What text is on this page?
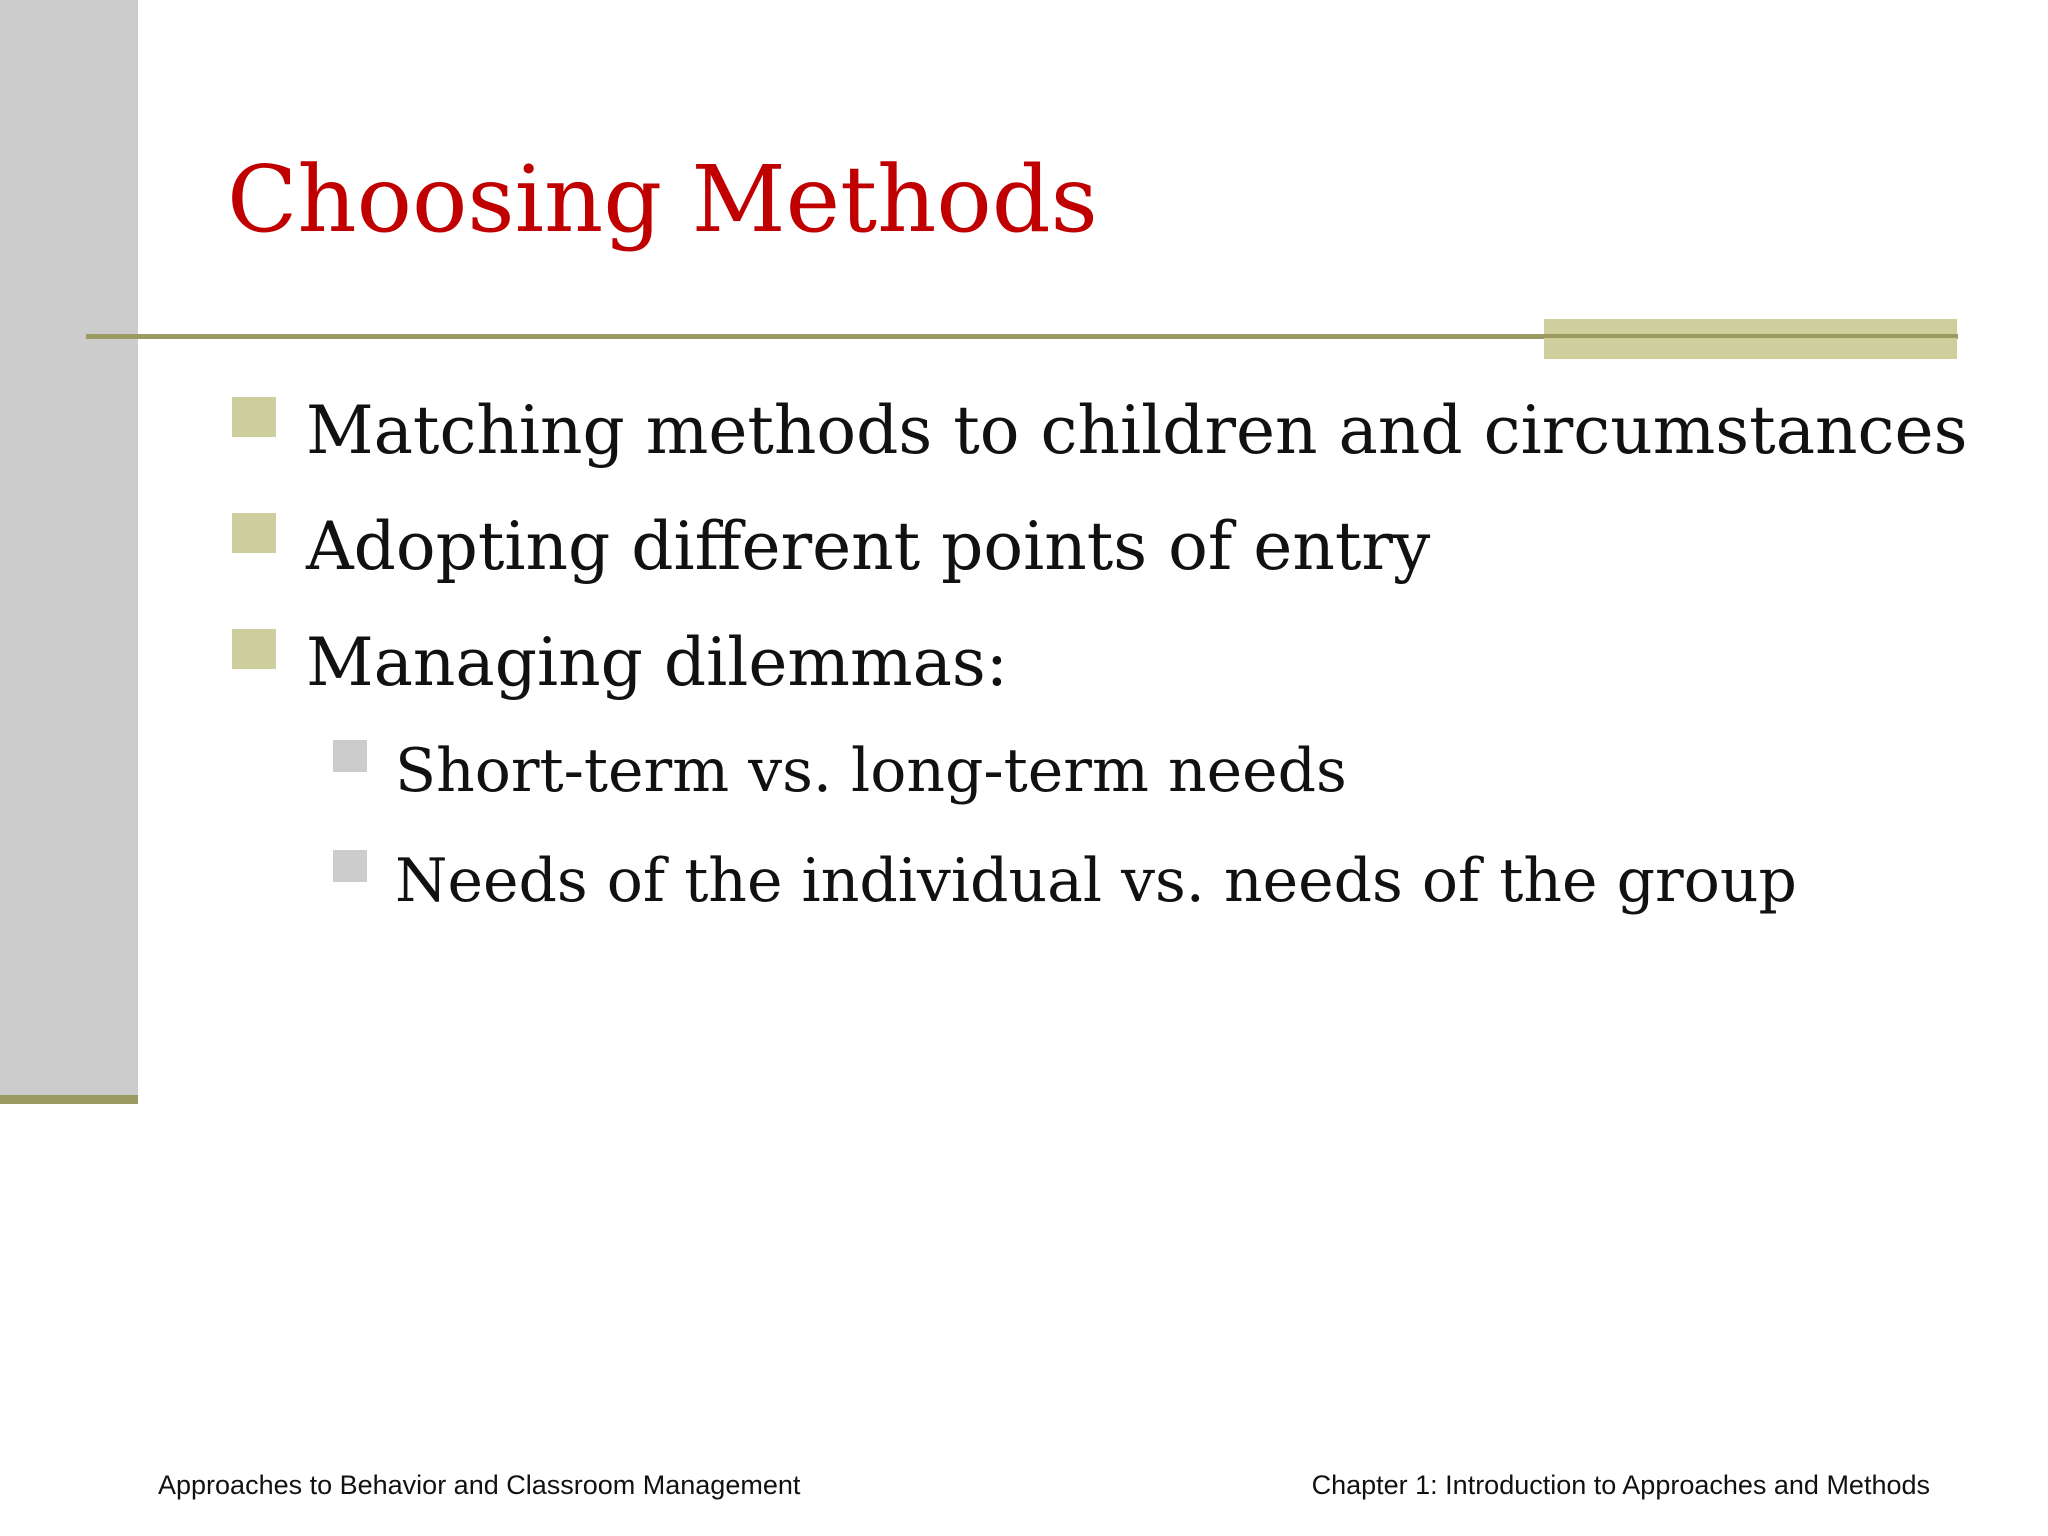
Choosing Methods
Matching methods to children and circumstances
Adopting different points of entry
Managing dilemmas:
Short-term vs. long-term needs
Needs of the individual vs. needs of the group
Approaches to Behavior and Classroom Management	Chapter 1: Introduction to Approaches and Methods
